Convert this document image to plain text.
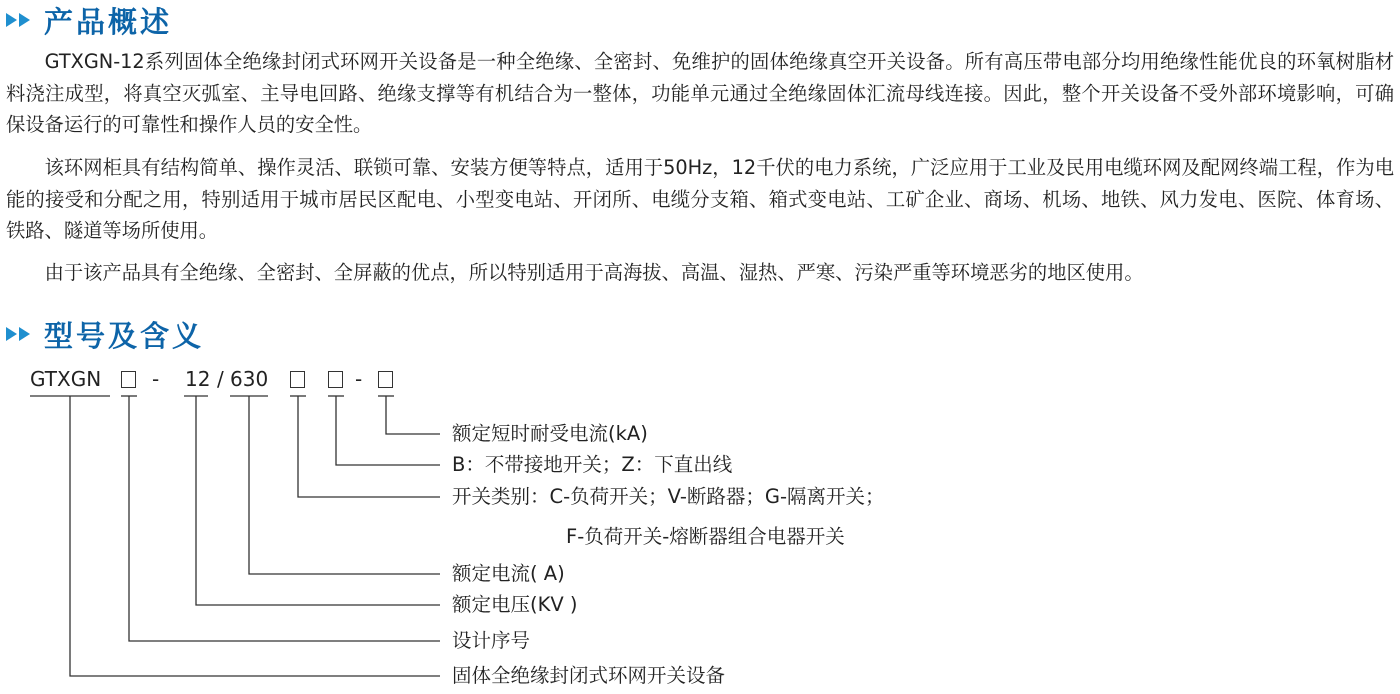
产品概述

GTXGN-12系列固体全绝缘封闭式环网开关设备是一种全绝缘、全密封、免维护的固体绝缘真空开关设备。所有高压带电部分均用绝缘性能优良的环氧树脂材料浇注成型，将真空灭弧室、主导电回路、绝缘支撑等有机结合为一整体，功能单元通过全绝缘固体汇流母线连接。因此，整个开关设备不受外部环境影响，可确保设备运行的可靠性和操作人员的安全性。

该环网柜具有结构简单、操作灵活、联锁可靠、安装方便等特点，适用于50Hz，12千伏的电力系统，广泛应用于工业及民用电缆环网及配网终端工程，作为电能的接受和分配之用，特别适用于城市居民区配电、小型变电站、开闭所、电缆分支箱、箱式变电站、工矿企业、商场、机场、地铁、风力发电、医院、体育场、铁路、隧道等场所使用。

由于该产品具有全绝缘、全密封、全屏蔽的优点，所以特别适用于高海拔、高温、湿热、严寒、污染严重等环境恶劣的地区使用。

型号及含义
GTXGN	- 12 / 630	-
额定短时耐受电流(kA)
B：不带接地开关；Z：下直出线
开关类别：C-负荷开关；V-断路器；G-隔离开关；
F-负荷开关-熔断器组合电器开关
额定电流( A)
额定电压(KV )
设计序号
固体全绝缘封闭式环网开关设备
